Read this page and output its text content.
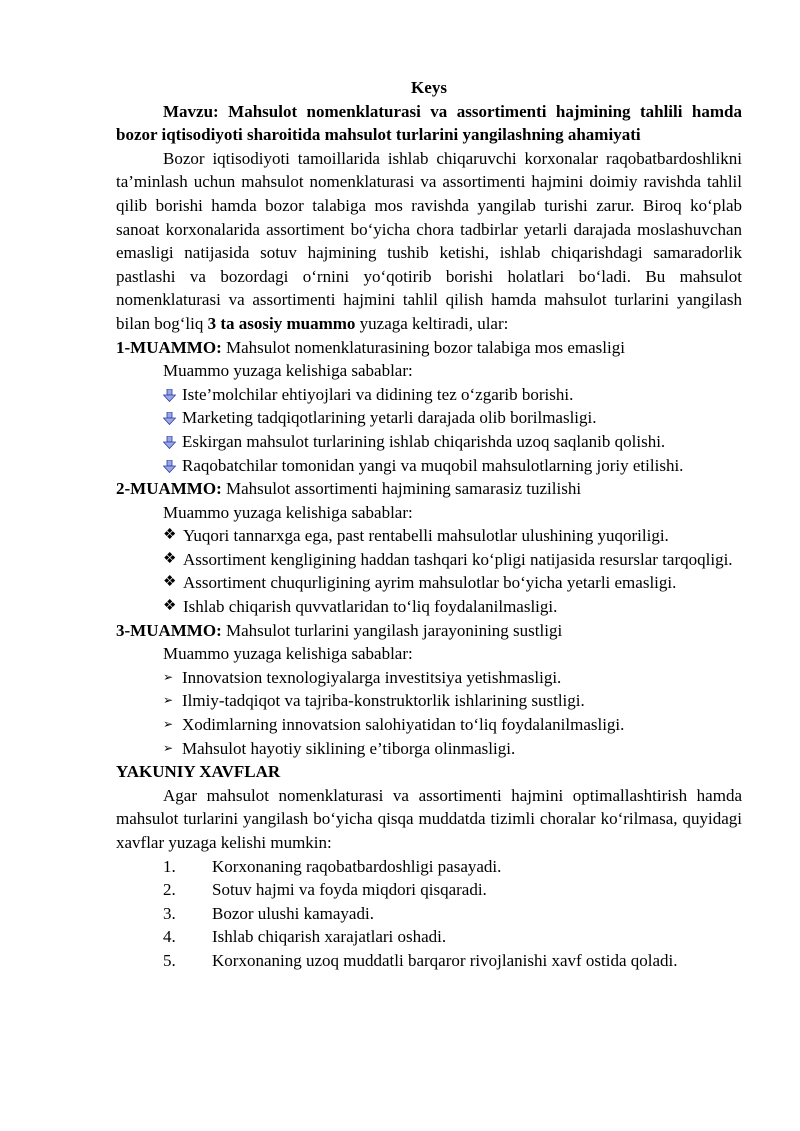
Keys
Mavzu: Mahsulot nomenklaturasi va assortimenti hajmining tahlili hamda bozor iqtisodiyoti sharoitida mahsulot turlarini yangilashning ahamiyati
Bozor iqtisodiyoti tamoillarida ishlab chiqaruvchi korxonalar raqobatbardoshlikni ta’minlash uchun mahsulot nomenklaturasi va assortimenti hajmini doimiy ravishda tahlil qilib borishi hamda bozor talabiga mos ravishda yangilab turishi zarur. Biroq ko‘plab sanoat korxonalarida assortiment bo‘yicha chora tadbirlar yetarli darajada moslashuvchan emasligi natijasida sotuv hajmining tushib ketishi, ishlab chiqarishdagi samaradorlik pastlashi va bozordagi o‘rnini yo‘qotirib borishi holatlari bo‘ladi. Bu mahsulot nomenklaturasi va assortimenti hajmini tahlil qilish hamda mahsulot turlarini yangilash bilan bog‘liq 3 ta asosiy muammo yuzaga keltiradi, ular:
1-MUAMMO: Mahsulot nomenklaturasining bozor talabiga mos emasligi
Muammo yuzaga kelishiga sabablar:
Iste’molchilar ehtiyojlari va didining tez o‘zgarib borishi.
Marketing tadqiqotlarining yetarli darajada olib borilmasligi.
Eskirgan mahsulot turlarining ishlab chiqarishda uzoq saqlanib qolishi.
Raqobatchilar tomonidan yangi va muqobil mahsulotlarning joriy etilishi.
2-MUAMMO: Mahsulot assortimenti hajmining samarasiz tuzilishi
Muammo yuzaga kelishiga sabablar:
❖ Yuqori tannarxga ega, past rentabelli mahsulotlar ulushining yuqoriligi.
❖ Assortiment kengligining haddan tashqari ko‘pligi natijasida resurslar tarqoqligi.
❖ Assortiment chuqurligining ayrim mahsulotlar bo‘yicha yetarli emasligi.
❖ Ishlab chiqarish quvvatlaridan to‘liq foydalanilmasligi.
3-MUAMMO: Mahsulot turlarini yangilash jarayonining sustligi
Muammo yuzaga kelishiga sabablar:
➢ Innovatsion texnologiyalarga investitsiya yetishmasligi.
➢ Ilmiy-tadqiqot va tajriba-konstruktorlik ishlarining sustligi.
➢ Xodimlarning innovatsion salohiyatidan to‘liq foydalanilmasligi.
➢ Mahsulot hayotiy siklining e’tiborga olinmasligi.
YAKUNIY XAVFLAR
Agar mahsulot nomenklaturasi va assortimenti hajmini optimallashtirish hamda mahsulot turlarini yangilash bo‘yicha qisqa muddatda tizimli choralar ko‘rilmasa, quyidagi xavflar yuzaga kelishi mumkin:
1. Korxonaning raqobatbardoshligi pasayadi.
2. Sotuv hajmi va foyda miqdori qisqaradi.
3. Bozor ulushi kamayadi.
4. Ishlab chiqarish xarajatlari oshadi.
5. Korxonaning uzoq muddatli barqaror rivojlanishi xavf ostida qoladi.
